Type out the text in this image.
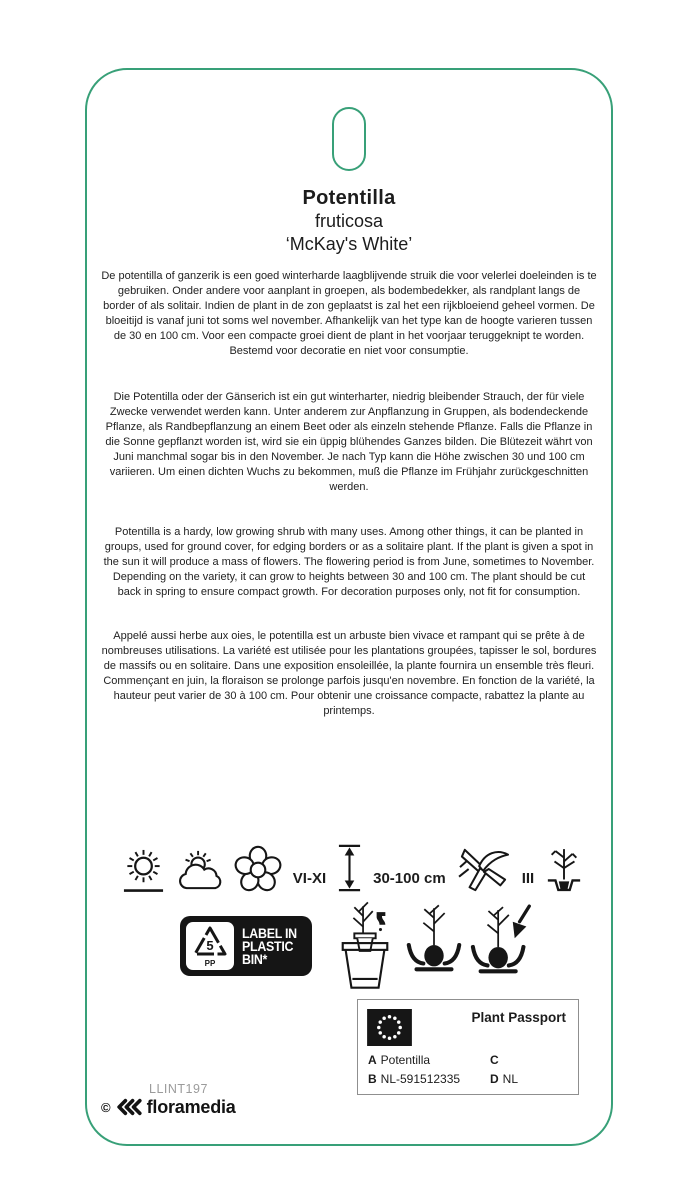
Potentilla
fruticosa
‘McKay's White’

De potentilla of ganzerik is een goed winterharde laagblijvende struik die voor velerlei doeleinden is te gebruiken. Onder andere voor aanplant in groepen, als bodembedekker, als randplant langs de border of als solitair. Indien de plant in de zon geplaatst is zal het een rijkbloeiend geheel vormen. De bloeitijd is vanaf juni tot soms wel november. Afhankelijk van het type kan de hoogte varieren tussen de 30 en 100 cm. Voor een compacte groei dient de plant in het voorjaar teruggeknipt te worden. Bestemd voor decoratie en niet voor consumptie.

Die Potentilla oder der Gänserich ist ein gut winterharter, niedrig bleibender Strauch, der für viele Zwecke verwendet werden kann. Unter anderem zur Anpflanzung in Gruppen, als bodendeckende Pflanze, als Randbepflanzung an einem Beet oder als einzeln stehende Pflanze. Falls die Pflanze in die Sonne gepflanzt worden ist, wird sie ein üppig blühendes Ganzes bilden. Die Blütezeit währt von Juni manchmal sogar bis in den November. Je nach Typ kann die Höhe zwischen 30 und 100 cm variieren. Um einen dichten Wuchs zu bekommen, muß die Pflanze im Frühjahr zurückgeschnitten werden.

Potentilla is a hardy, low growing shrub with many uses. Among other things, it can be planted in groups, used for ground cover, for edging borders or as a solitaire plant. If the plant is given a spot in the sun it will produce a mass of flowers. The flowering period is from June, sometimes to November. Depending on the variety, it can grow to heights between 30 and 100 cm. The plant should be cut back in spring to ensure compact growth. For decoration purposes only, not fit for consumption.

Appelé aussi herbe aux oies, le potentilla est un arbuste bien vivace et rampant qui se prête à de nombreuses utilisations. La variété est utilisée pour les plantations groupées, tapisser le sol, bordures de massifs ou en solitaire. Dans une exposition ensoleillée, la plante fournira un ensemble très fleuri. Commençant en juin, la floraison se prolonge parfois jusqu'en novembre. En fonction de la variété, la hauteur peut varier de 30 à 100 cm. Pour obtenir une croissance compacte, rabattez la plante au printemps.

VI-XI	30-100 cm	III
5
PP
LABEL IN
PLASTIC
BIN*
Plant Passport
A Potentilla
B NL-591512335
C
D NL
LLINT197
© floramedia
